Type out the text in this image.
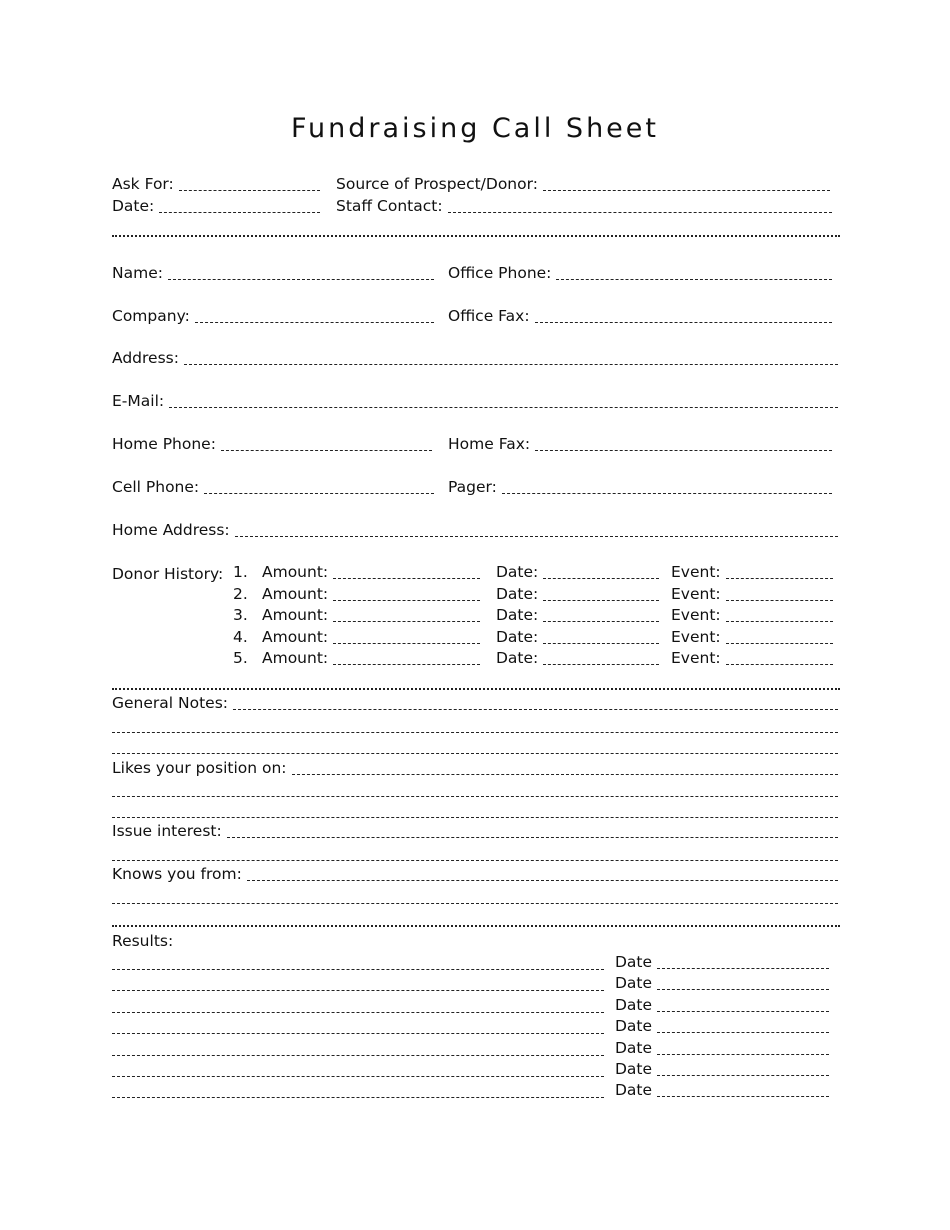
Fundraising Call Sheet
Ask For:	Source of Prospect/Donor:
Date:	Staff Contact:
Name:	Office Phone:
Company:	Office Fax:
Address:
E-Mail:
Home Phone:	Home Fax:
Cell Phone:	Pager:
Home Address:
Donor History: 1. Amount:	Date:	Event:
2. Amount:	Date:	Event:
3. Amount:	Date:	Event:
4. Amount:	Date:	Event:
5. Amount:	Date:	Event:
General Notes:
Likes your position on:
Issue interest:
Knows you from:
Results:
Date
Date
Date
Date
Date
Date
Date
